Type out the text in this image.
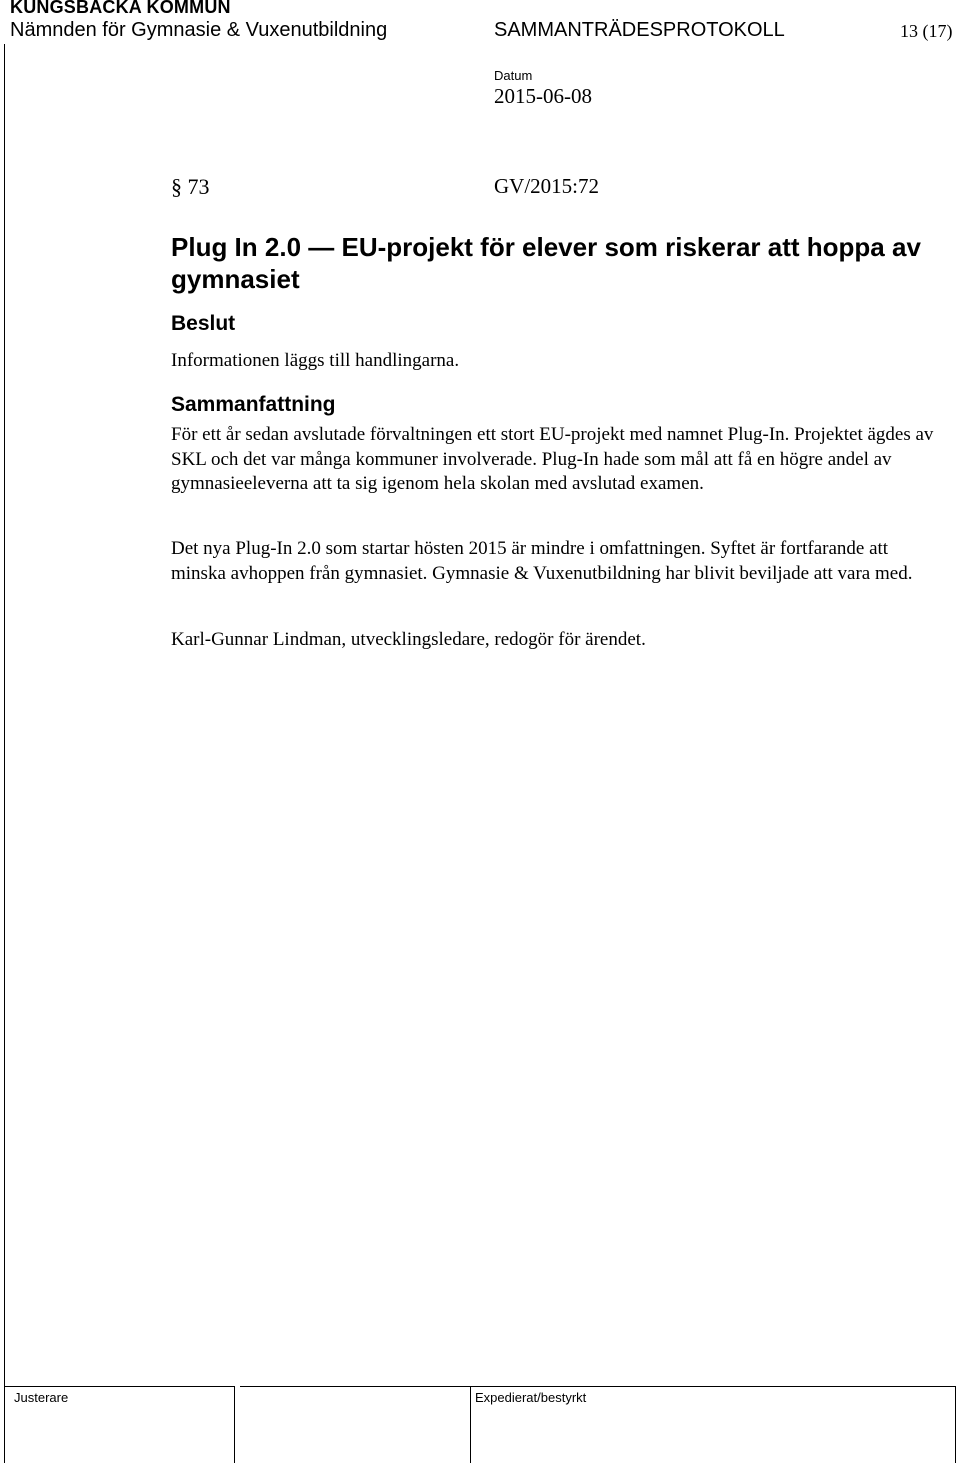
KUNGSBACKA KOMMUN
Nämnden för Gymnasie & Vuxenutbildning	SAMMANTRÄDESPROTOKOLL	13 (17)
Datum
2015-06-08
§ 73	GV/2015:72
Plug In 2.0 — EU-projekt för elever som riskerar att hoppa av gymnasiet
Beslut
Informationen läggs till handlingarna.
Sammanfattning
För ett år sedan avslutade förvaltningen ett stort EU-projekt med namnet Plug-In. Projektet ägdes av SKL och det var många kommuner involverade. Plug-In hade som mål att få en högre andel av gymnasieeleverna att ta sig igenom hela skolan med avslutad examen.
Det nya Plug-In 2.0 som startar hösten 2015 är mindre i omfattningen. Syftet är fortfarande att minska avhoppen från gymnasiet. Gymnasie & Vuxenutbildning har blivit beviljade att vara med.
Karl-Gunnar Lindman, utvecklingsledare, redogör för ärendet.
Justerare	Expedierat/bestyrkt
